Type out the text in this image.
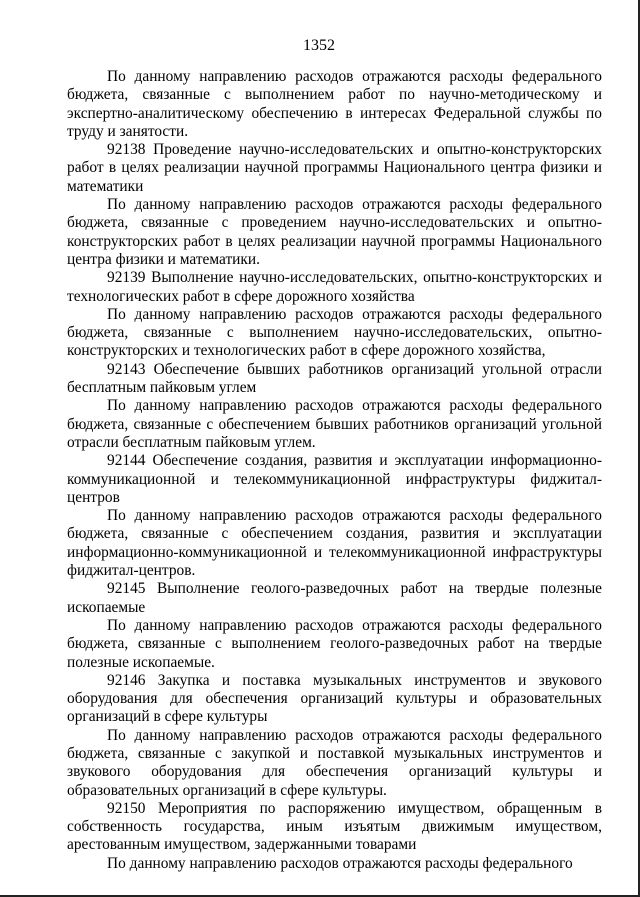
1352

По данному направлению расходов отражаются расходы федерального бюджета, связанные с выполнением работ по научно-методическому и экспертно-аналитическому обеспечению в интересах Федеральной службы по труду и занятости.

92138 Проведение научно-исследовательских и опытно-конструкторских работ в целях реализации научной программы Национального центра физики и математики

По данному направлению расходов отражаются расходы федерального бюджета, связанные с проведением научно-исследовательских и опытно-конструкторских работ в целях реализации научной программы Национального центра физики и математики.

92139 Выполнение научно-исследовательских, опытно-конструкторских и технологических работ в сфере дорожного хозяйства

По данному направлению расходов отражаются расходы федерального бюджета, связанные с выполнением научно-исследовательских, опытно-конструкторских и технологических работ в сфере дорожного хозяйства,

92143 Обеспечение бывших работников организаций угольной отрасли бесплатным пайковым углем

По данному направлению расходов отражаются расходы федерального бюджета, связанные с обеспечением бывших работников организаций угольной отрасли бесплатным пайковым углем.

92144 Обеспечение создания, развития и эксплуатации информационно-коммуникационной и телекоммуникационной инфраструктуры фиджитал-центров

По данному направлению расходов отражаются расходы федерального бюджета, связанные с обеспечением создания, развития и эксплуатации информационно-коммуникационной и телекоммуникационной инфраструктуры фиджитал-центров.

92145 Выполнение геолого-разведочных работ на твердые полезные ископаемые

По данному направлению расходов отражаются расходы федерального бюджета, связанные с выполнением геолого-разведочных работ на твердые полезные ископаемые.

92146 Закупка и поставка музыкальных инструментов и звукового оборудования для обеспечения организаций культуры и образовательных организаций в сфере культуры

По данному направлению расходов отражаются расходы федерального бюджета, связанные с закупкой и поставкой музыкальных инструментов и звукового оборудования для обеспечения организаций культуры и образовательных организаций в сфере культуры.

92150 Мероприятия по распоряжению имуществом, обращенным в собственность государства, иным изъятым движимым имуществом, арестованным имуществом, задержанными товарами

По данному направлению расходов отражаются расходы федерального
